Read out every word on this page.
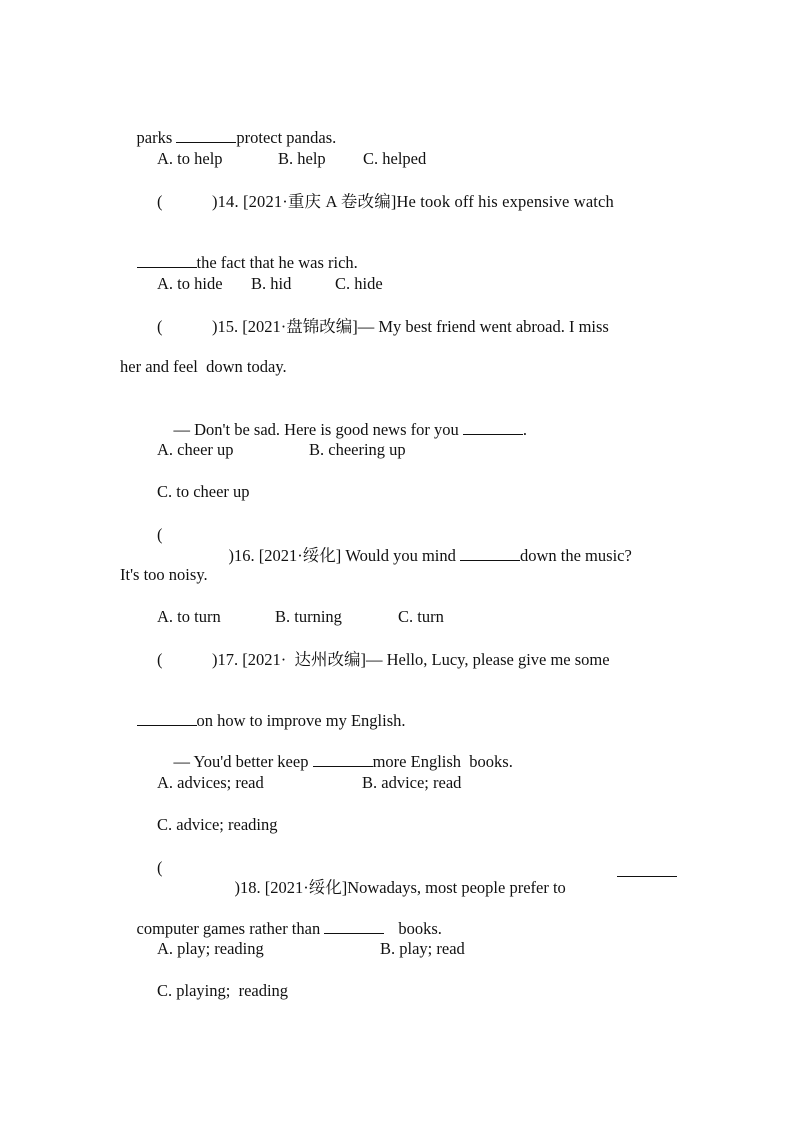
parks	protect pandas.

A. to help	B. help C. helped
(	)14. [2021·重庆 A 卷改编]He took off his expensive watch

the fact that he was rich.

A. to hide B. hid	C. hide
(	)15. [2021·盘锦改编]— My best friend went abroad. I miss
her and feel  down today.

— Don't be sad. Here is good news for you	.

A. cheer up	B. cheering up
C. to cheer up
(

)16. [2021·绥化] Would you mind	down the music?

It's too noisy.
A. to turn	B. turning	C. turn
(	)17. [2021·  达州改编]— Hello, Lucy, please give me some

on how to improve my English.

— You'd better keep	more English  books.

A. advices; read	B. advice; read
C. advice; reading
(

)18. [2021·绥化]Nowadays, most people prefer to

computer games rather than	books.

A. play; reading	B. play; read
C. playing;  reading
